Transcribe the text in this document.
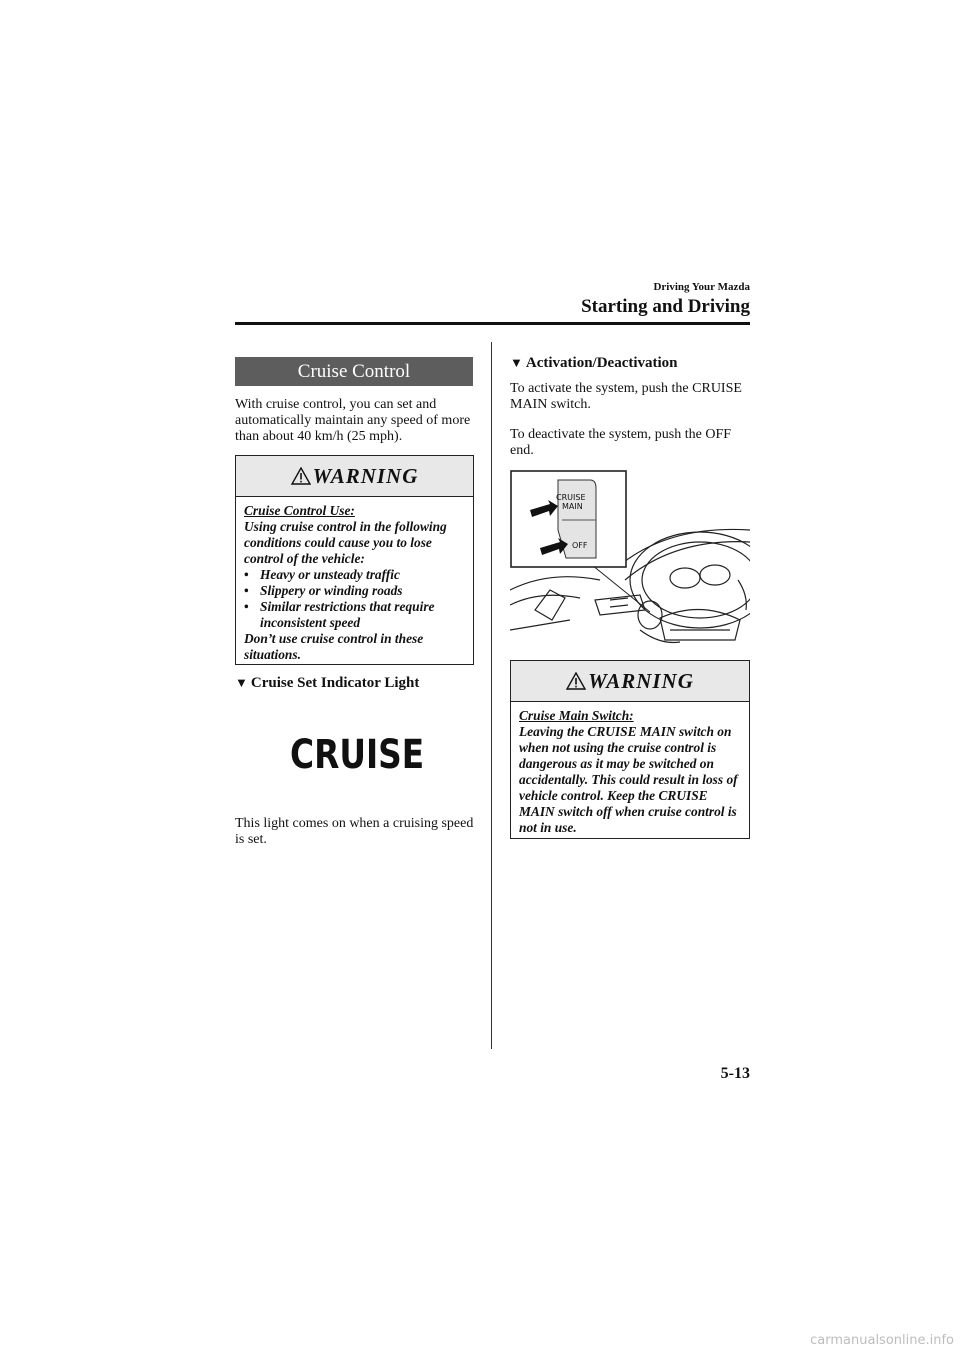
Driving Your Mazda
Starting and Driving
Cruise Control
With cruise control, you can set and automatically maintain any speed of more than about 40 km/h (25 mph).
WARNING
Cruise Control Use:
Using cruise control in the following conditions could cause you to lose control of the vehicle:
• Heavy or unsteady traffic
• Slippery or winding roads
• Similar restrictions that require inconsistent speed
Don’t use cruise control in these situations.
▼ Cruise Set Indicator Light
CRUISE
This light comes on when a cruising speed is set.
▼ Activation/Deactivation
To activate the system, push the CRUISE MAIN switch.
To deactivate the system, push the OFF end.
CRUISE
MAIN
OFF
WARNING
Cruise Main Switch:
Leaving the CRUISE MAIN switch on when not using the cruise control is dangerous as it may be switched on accidentally. This could result in loss of vehicle control. Keep the CRUISE MAIN switch off when cruise control is not in use.
5-13
carmanualsonline.info
